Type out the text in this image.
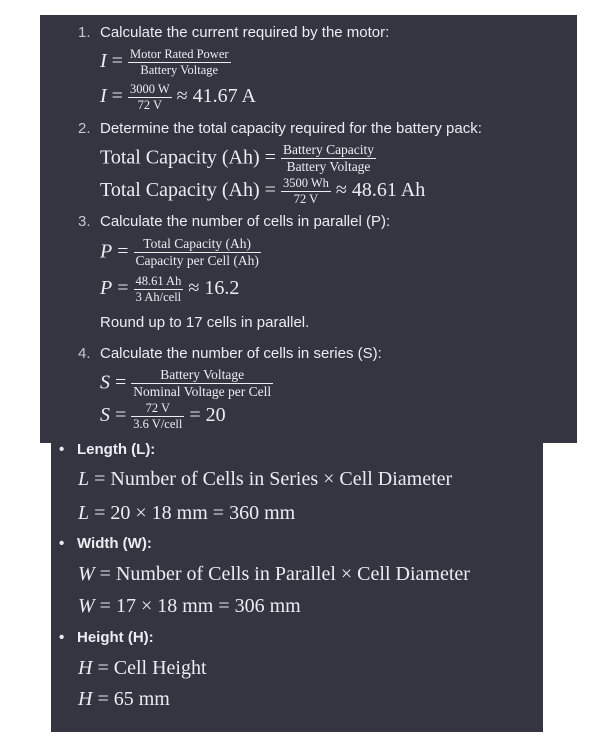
1. Calculate the current required by the motor:
$I = \frac{\text{Motor Rated Power}}{\text{Battery Voltage}}$
$I = \frac{3000 W}{72 V} \approx 41.67$ A
2. Determine the total capacity required for the battery pack:
Total Capacity $(Ah) = \frac{\text{Battery Capacity}}{\text{Battery Voltage}}$
Total Capacity $(Ah) = \frac{3500 Wh}{72 V} \approx 48.61$ Ah
3. Calculate the number of cells in parallel (P):
$P = \frac{\text{Total Capacity (Ah)}}{\text{Capacity per Cell (Ah)}}$
$P = \frac{48.61 Ah}{\text{3 Ah/cell}} \approx 16.2$
Round up to 17 cells in parallel.
4. Calculate the number of cells in series (S):
$S = \frac{\text{Battery Voltage}}{\text{Nominal Voltage per Cell}}$
$S = \frac{72 V}{\text{3.6 V/cell}} = 20$
• Length (L):
L = Number of Cells in Series × Cell Diameter
L = 20 × 18 mm = 360 mm
• Width (W):
W = Number of Cells in Parallel × Cell Diameter
W = 17 × 18 mm = 306 mm
• Height (H):
H = Cell Height
H = 65 mm
